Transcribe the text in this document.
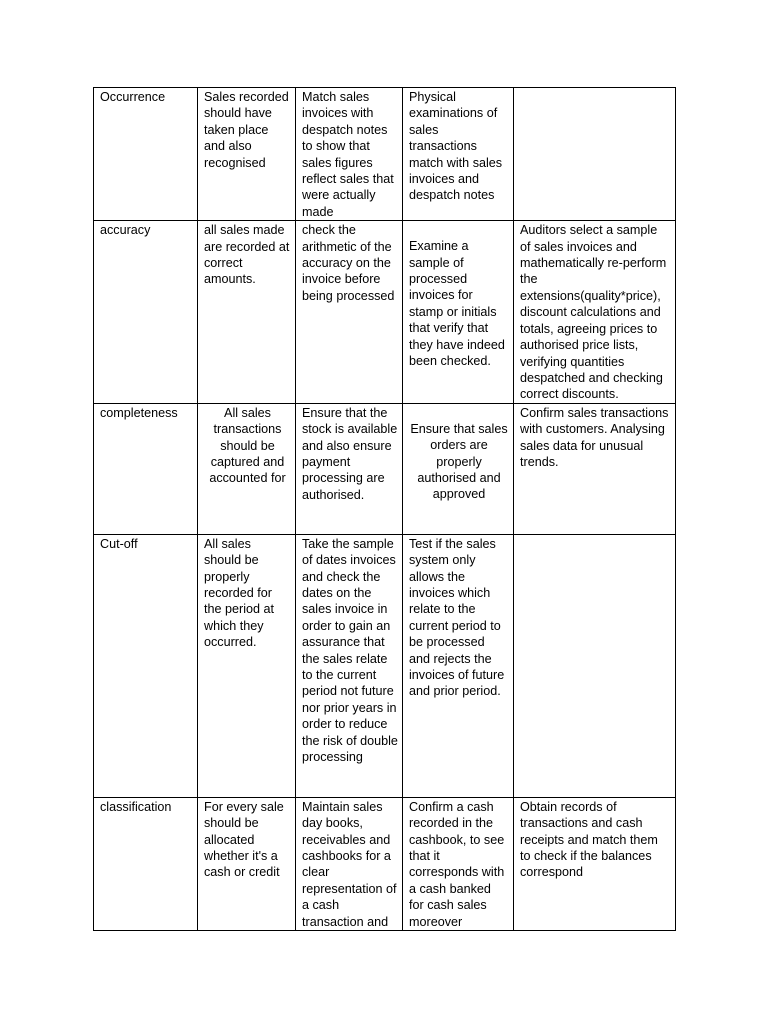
Occurrence	Sales recorded should have taken place and also recognised	Match sales invoices with despatch notes to show that sales figures reflect sales that were actually made	Physical examinations of sales transactions match with sales invoices and despatch notes	

accuracy	all sales made are recorded at correct amounts.	check the arithmetic of the accuracy on the invoice before being processed	Examine a sample of processed invoices for stamp or initials that verify that they have indeed been checked.	Auditors select a sample of sales invoices and mathematically re-perform the extensions(quality*price), discount calculations and totals, agreeing prices to authorised price lists, verifying quantities despatched and checking correct discounts.

completeness	All sales transactions should be captured and accounted for	Ensure that the stock is available and also ensure payment processing are authorised.	Ensure that sales orders are properly authorised and approved	Confirm sales transactions with customers. Analysing sales data for unusual trends.

Cut-off	All sales should be properly recorded for the period at which they occurred.	Take the sample of dates invoices and check the dates on the sales invoice in order to gain an assurance that the sales relate to the current period not future nor prior years in order to reduce the risk of double processing	Test if the sales system only allows the invoices which relate to the current period to be processed and rejects the invoices of future and prior period.	

classification	For every sale should be allocated whether it's a cash or credit	Maintain sales day books, receivables and cashbooks for a clear representation of a cash transaction and	Confirm a cash recorded in the cashbook, to see that it corresponds with a cash banked for cash sales moreover	Obtain records of transactions and cash receipts and match them to check if the balances correspond
